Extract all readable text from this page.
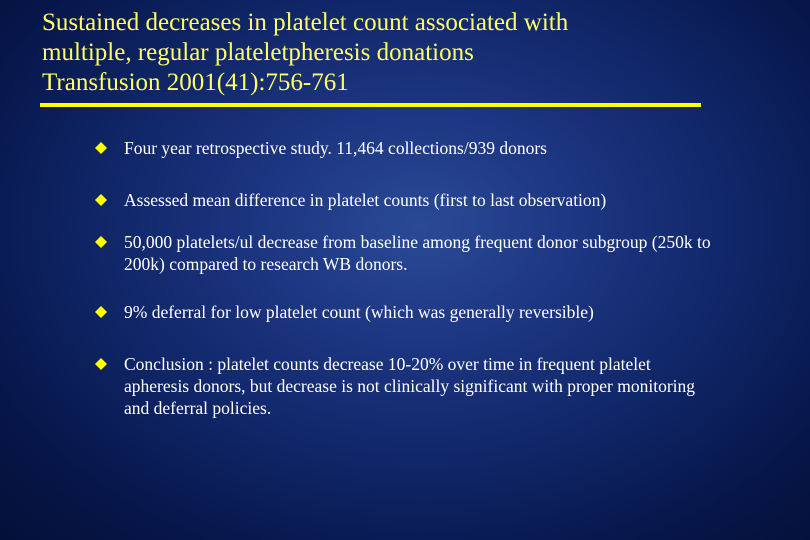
Sustained decreases in platelet count associated with
multiple, regular plateletpheresis donations
Transfusion 2001(41):756-761
Four year retrospective study. 11,464 collections/939 donors
Assessed mean difference in platelet counts (first to last observation)
50,000 platelets/ul decrease from baseline among frequent donor subgroup (250k to 200k) compared to research WB donors.
9% deferral for low platelet count (which was generally reversible)
Conclusion : platelet counts decrease 10-20% over time in frequent platelet apheresis donors, but decrease is not clinically significant with proper monitoring and deferral policies.
